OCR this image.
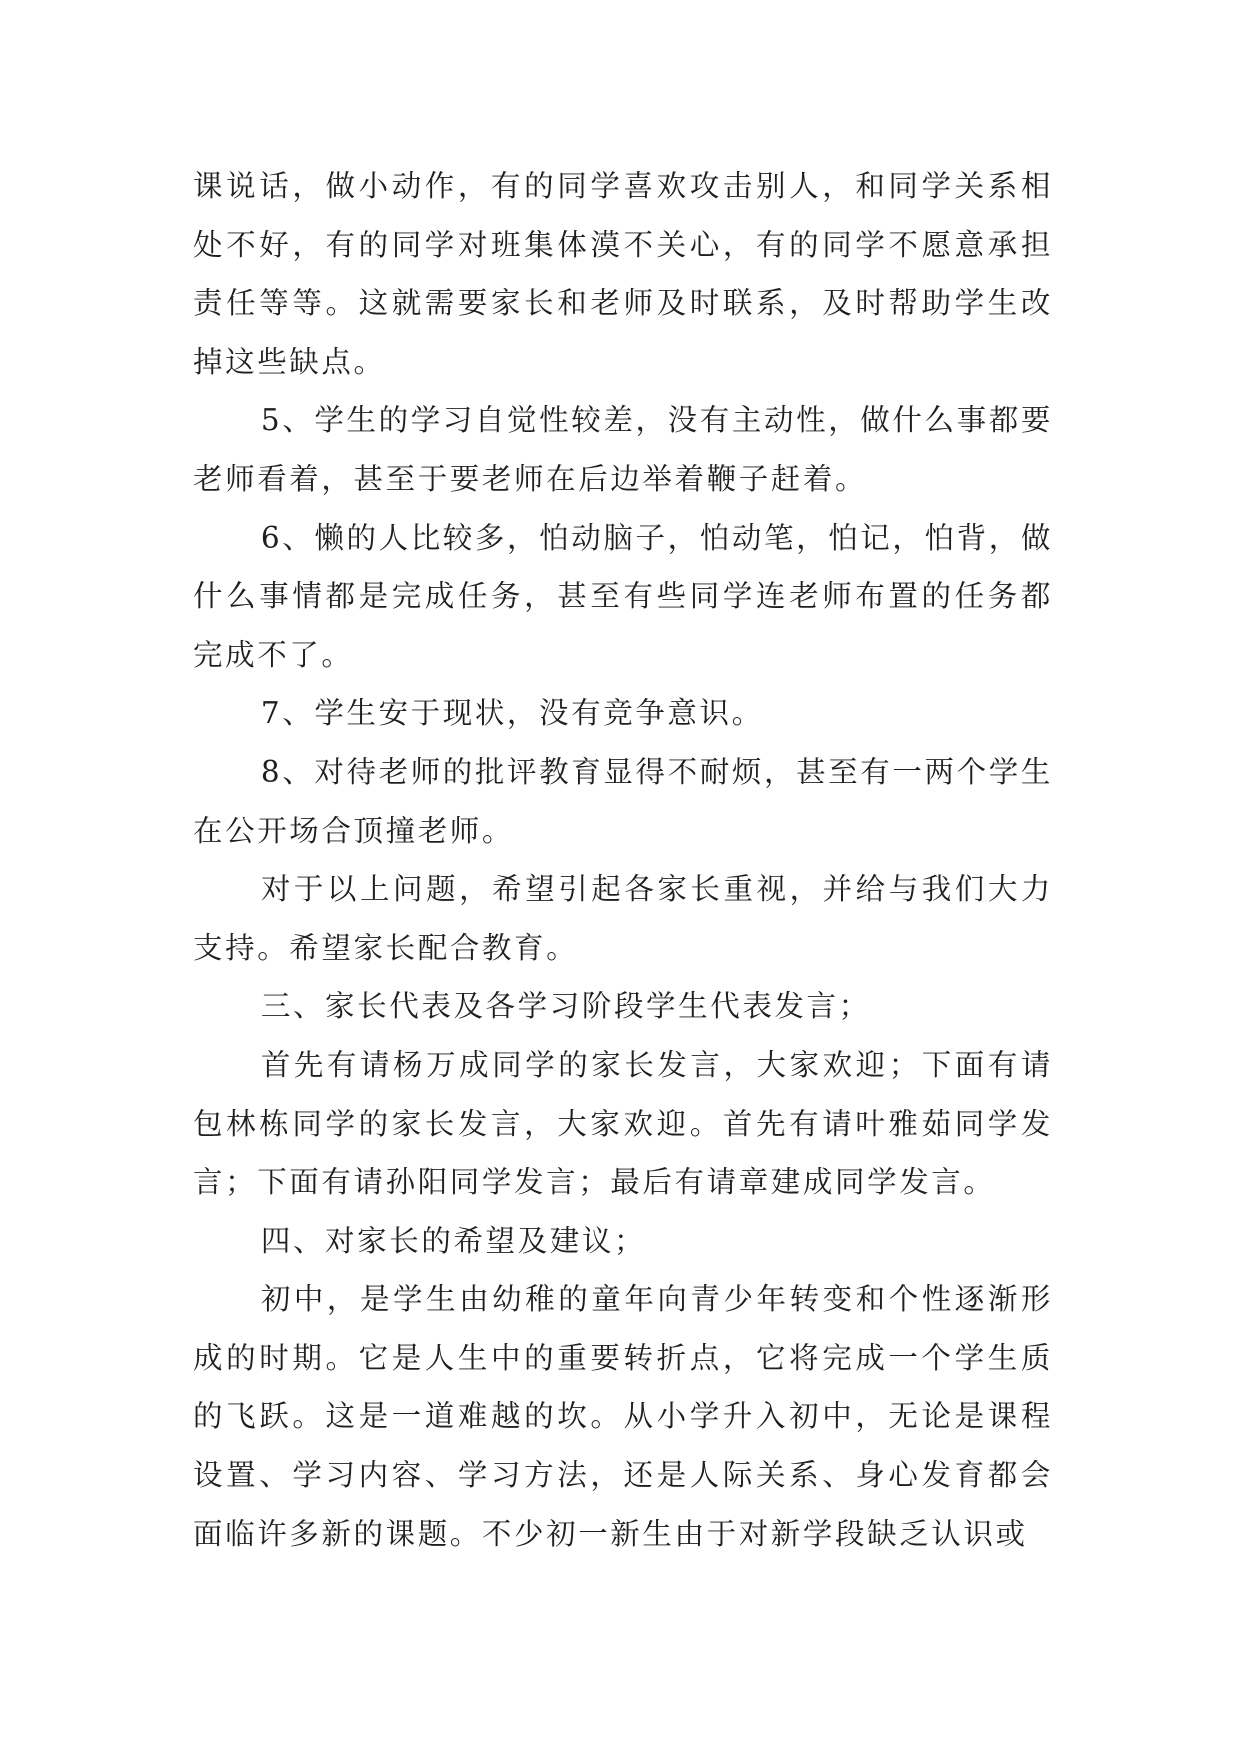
课说话，做小动作，有的同学喜欢攻击别人，和同学关系相处不好，有的同学对班集体漠不关心，有的同学不愿意承担责任等等。这就需要家长和老师及时联系，及时帮助学生改掉这些缺点。

5、学生的学习自觉性较差，没有主动性，做什么事都要老师看着，甚至于要老师在后边举着鞭子赶着。

6、懒的人比较多，怕动脑子，怕动笔，怕记，怕背，做什么事情都是完成任务，甚至有些同学连老师布置的任务都完成不了。

7、学生安于现状，没有竞争意识。

8、对待老师的批评教育显得不耐烦，甚至有一两个学生在公开场合顶撞老师。

对于以上问题，希望引起各家长重视，并给与我们大力支持。希望家长配合教育。

三、家长代表及各学习阶段学生代表发言；

首先有请杨万成同学的家长发言，大家欢迎；下面有请包林栋同学的家长发言，大家欢迎。首先有请叶雅茹同学发言；下面有请孙阳同学发言；最后有请章建成同学发言。

四、对家长的希望及建议；

初中，是学生由幼稚的童年向青少年转变和个性逐渐形成的时期。它是人生中的重要转折点，它将完成一个学生质的飞跃。这是一道难越的坎。从小学升入初中，无论是课程设置、学习内容、学习方法，还是人际关系、身心发育都会面临许多新的课题。不少初一新生由于对新学段缺乏认识或
